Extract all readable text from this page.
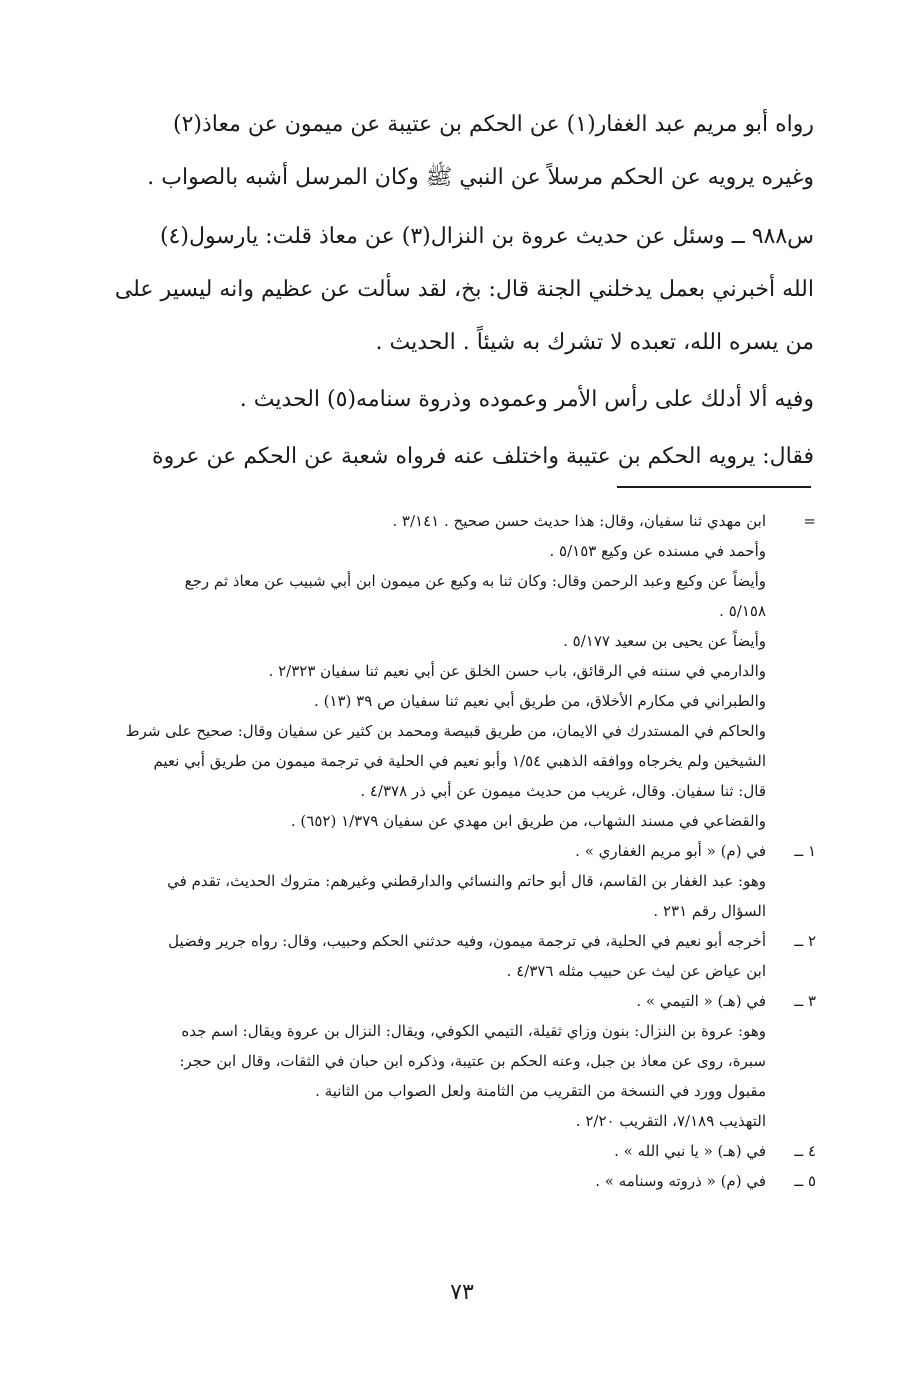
رواه أبو مريم عبد الغفار(١) عن الحكم بن عتيبة عن ميمون عن معاذ(٢)

وغيره يرويه عن الحكم مرسلاً عن النبي ﷺ وكان المرسل أشبه بالصواب .

س٩٨٨ ــ وسئل عن حديث عروة بن النزال(٣) عن معاذ قلت: يارسول(٤)

الله أخبرني بعمل يدخلني الجنة قال: بخ، لقد سألت عن عظيم وانه ليسير على

من يسره الله، تعبده لا تشرك به شيئاً . الحديث .

وفيه ألا أدلك على رأس الأمر وعموده وذروة سنامه(٥) الحديث .

فقال: يرويه الحكم بن عتيبة واختلف عنه فرواه شعبة عن الحكم عن عروة

=
ابن مهدي ثنا سفيان، وقال: هذا حديث حسن صحيح . ٣/١٤١ .
وأحمد في مسنده عن وكيع ٥/١٥٣ .
وأيضاً عن وكيع وعبد الرحمن وقال: وكان ثنا به وكيع عن ميمون ابن أبي شبيب عن معاذ ثم رجع
٥/١٥٨ .
وأيضاً عن يحيى بن سعيد ٥/١٧٧ .
والدارمي في سننه في الرقائق، باب حسن الخلق عن أبي نعيم ثنا سفيان ٢/٣٢٣ .
والطبراني في مكارم الأخلاق، من طريق أبي نعيم ثنا سفيان ص ٣٩ (١٣) .
والحاكم في المستدرك في الايمان، من طريق قبيصة ومحمد بن كثير عن سفيان وقال: صحيح على شرط
الشيخين ولم يخرجاه ووافقه الذهبي ١/٥٤ وأبو نعيم في الحلية في ترجمة ميمون من طريق أبي نعيم
قال: ثنا سفيان. وقال، غريب من حديث ميمون عن أبي ذر ٤/٣٧٨ .
والقضاعي في مسند الشهاب، من طريق ابن مهدي عن سفيان ١/٣٧٩ (٦٥٢) .
١ ــ
في (م) « أبو مريم الغفاري » .
وهو: عبد الغفار بن القاسم، قال أبو حاتم والنسائي والدارقطني وغيرهم: متروك الحديث، تقدم في
السؤال رقم ٢٣١ .
٢ ــ
أخرجه أبو نعيم في الحلية، في ترجمة ميمون، وفيه حدثني الحكم وحبيب، وقال: رواه جرير وفضيل
ابن عياض عن ليث عن حبيب مثله ٤/٣٧٦ .
٣ ــ
في (هـ) « التيمي » .
وهو: عروة بن النزال: بنون وزاي ثقيلة، التيمي الكوفي، ويقال: النزال بن عروة ويقال: اسم جده
سبرة، روى عن معاذ بن جبل، وعنه الحكم بن عتيبة، وذكره ابن حبان في الثقات، وقال ابن حجر:
مقبول وورد في النسخة من التقريب من الثامنة ولعل الصواب من الثانية .
التهذيب ٧/١٨٩، التقريب ٢/٢٠ .
٤ ــ
في (هـ) « يا نبي الله » .
٥ ــ
في (م) « ذروته وسنامه » .
٧٣
